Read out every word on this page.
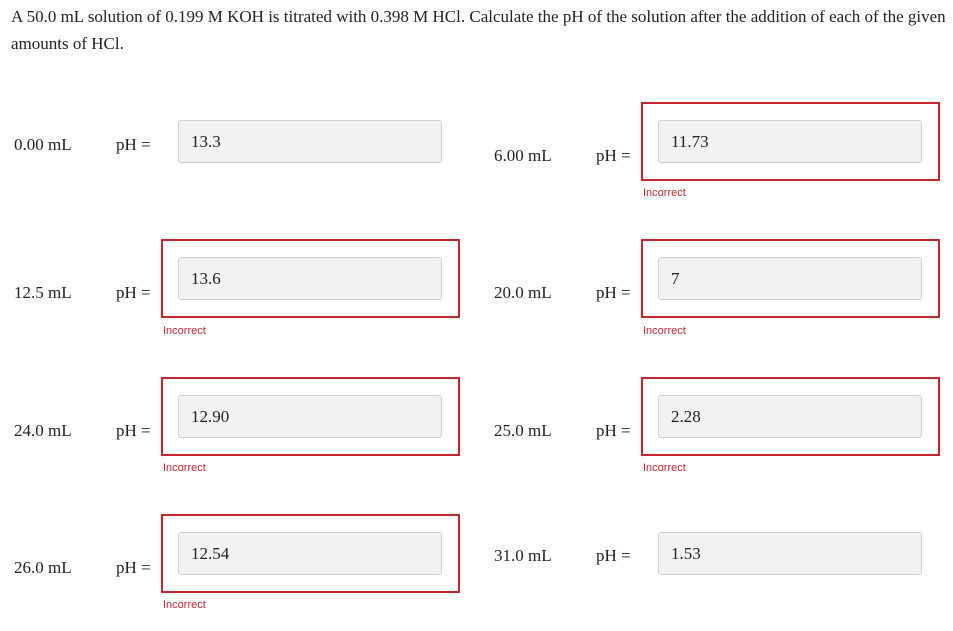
A 50.0 mL solution of 0.199 M KOH is titrated with 0.398 M HCl. Calculate the pH of the solution after the addition of each of the given amounts of HCl.
0.00 mL	pH =
13.3
6.00 mL	pH =
11.73
Incorrect
12.5 mL	pH =
13.6
Incorrect
20.0 mL	pH =
7
Incorrect
24.0 mL	pH =
12.90
Incorrect
25.0 mL	pH =
2.28
Incorrect
26.0 mL	pH =
12.54
Incorrect
31.0 mL	pH =
1.53
